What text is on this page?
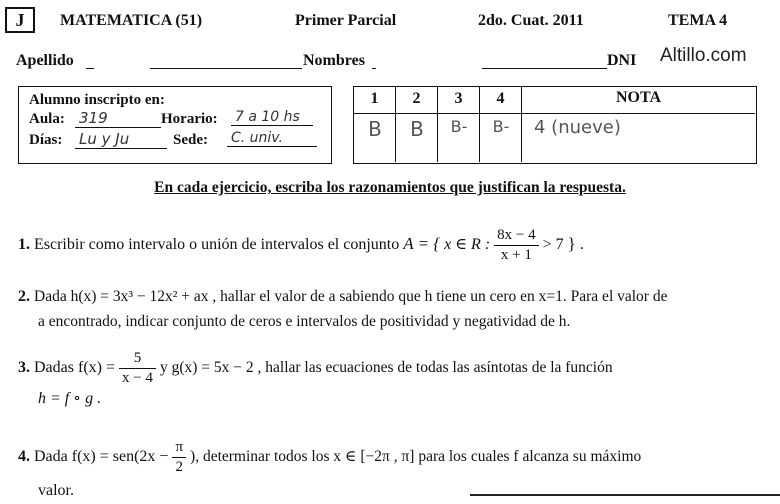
J	MATEMATICA (51)	Primer Parcial	2do. Cuat. 2011	TEMA 4
Apellido	Nombres	DNI Altillo.com
Alumno inscripto en:
Aula: 319	Horario: 7 a 10 hs
Días: Lu y Ju	Sede: C. univ.
1	2	3	4	NOTA
B	B	B-	B-	4 (nueve)
En cada ejercicio, escriba los razonamientos que justifican la respuesta.
1. Escribir como intervalo o unión de intervalos el conjunto A = { x ∈ R : $\frac{8x - 4}{x + 1} > 7$ } .
2. Dada h(x) = 3x³ − 12x² + ax , hallar el valor de a sabiendo que h tiene un cero en x=1. Para el valor de
a encontrado, indicar conjunto de ceros e intervalos de positividad y negatividad de h.
3. Dadas $f(x) = \frac{5}{x - 4}$ y g(x) = 5x − 2 , hallar las ecuaciones de todas las asíntotas de la función
h = f ∘ g .
4. Dada $f(x) = sen(2x - \frac{\pi}{2}$ ), determinar todos los x ∈ [−2π , π] para los cuales f alcanza su máximo
valor.
